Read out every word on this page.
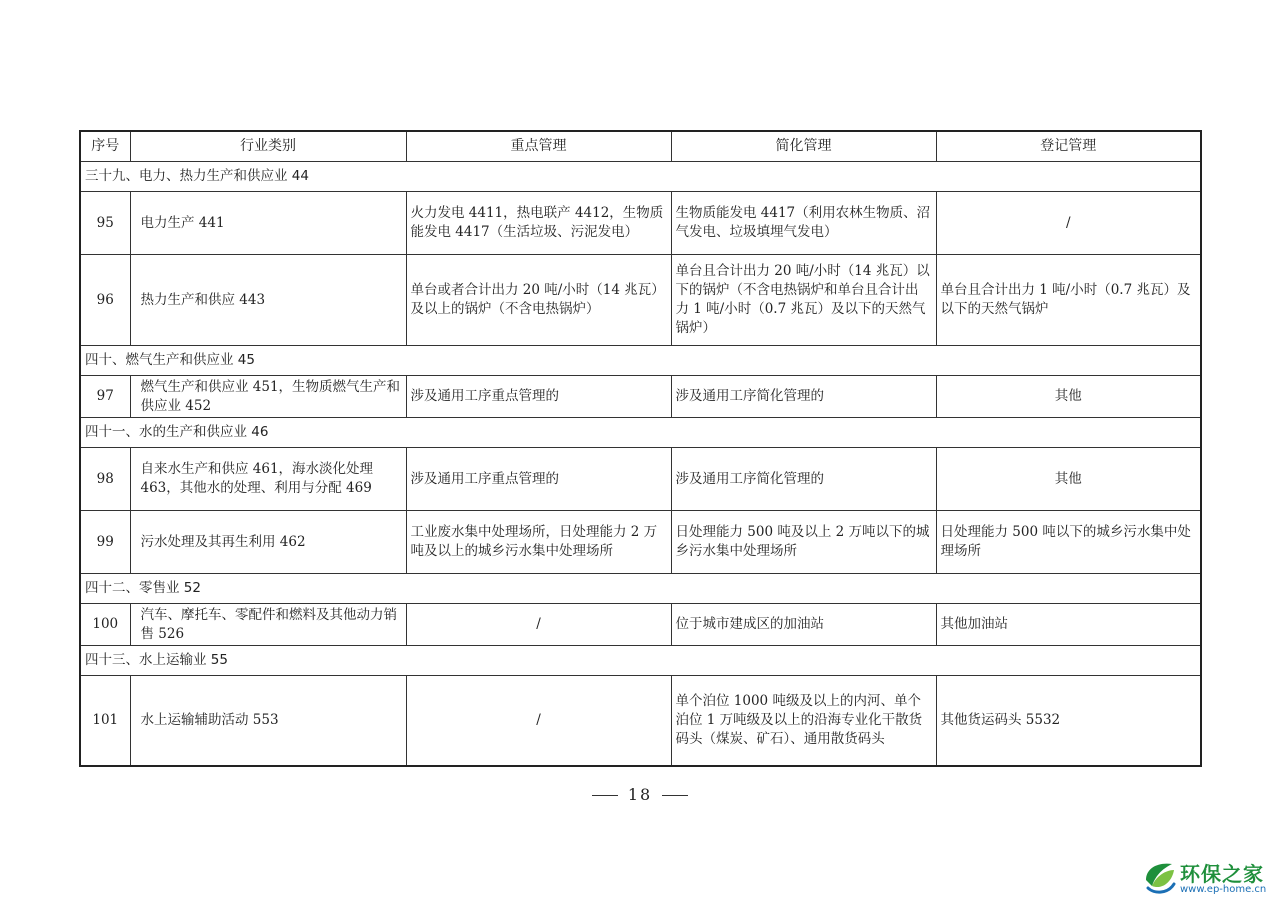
序号	行业类别	重点管理	简化管理	登记管理
三十九、电力、热力生产和供应业 44				
95	电力生产 441	火力发电 4411，热电联产 4412，生物质能发电 4417（生活垃圾、污泥发电）	生物质能发电 4417（利用农林生物质、沼气发电、垃圾填埋气发电）	/
96	热力生产和供应 443	单台或者合计出力 20 吨/小时（14 兆瓦）及以上的锅炉（不含电热锅炉）	单台且合计出力 20 吨/小时（14 兆瓦）以下的锅炉（不含电热锅炉和单台且合计出力 1 吨/小时（0.7 兆瓦）及以下的天然气锅炉）	单台且合计出力 1 吨/小时（0.7 兆瓦）及以下的天然气锅炉
四十、燃气生产和供应业 45				
97	燃气生产和供应业 451，生物质燃气生产和供应业 452	涉及通用工序重点管理的	涉及通用工序简化管理的	其他
四十一、水的生产和供应业 46				
98	自来水生产和供应 461，海水淡化处理 463，其他水的处理、利用与分配 469	涉及通用工序重点管理的	涉及通用工序简化管理的	其他
99	污水处理及其再生利用 462	工业废水集中处理场所，日处理能力 2 万吨及以上的城乡污水集中处理场所	日处理能力 500 吨及以上 2 万吨以下的城乡污水集中处理场所	日处理能力 500 吨以下的城乡污水集中处理场所
四十二、零售业 52				
100	汽车、摩托车、零配件和燃料及其他动力销售 526	/	位于城市建成区的加油站	其他加油站
四十三、水上运输业 55				
101	水上运输辅助活动 553	/	单个泊位 1000 吨级及以上的内河、单个泊位 1 万吨级及以上的沿海专业化干散货码头（煤炭、矿石）、通用散货码头	其他货运码头 5532
18
环保之家
www.ep-home.cn
